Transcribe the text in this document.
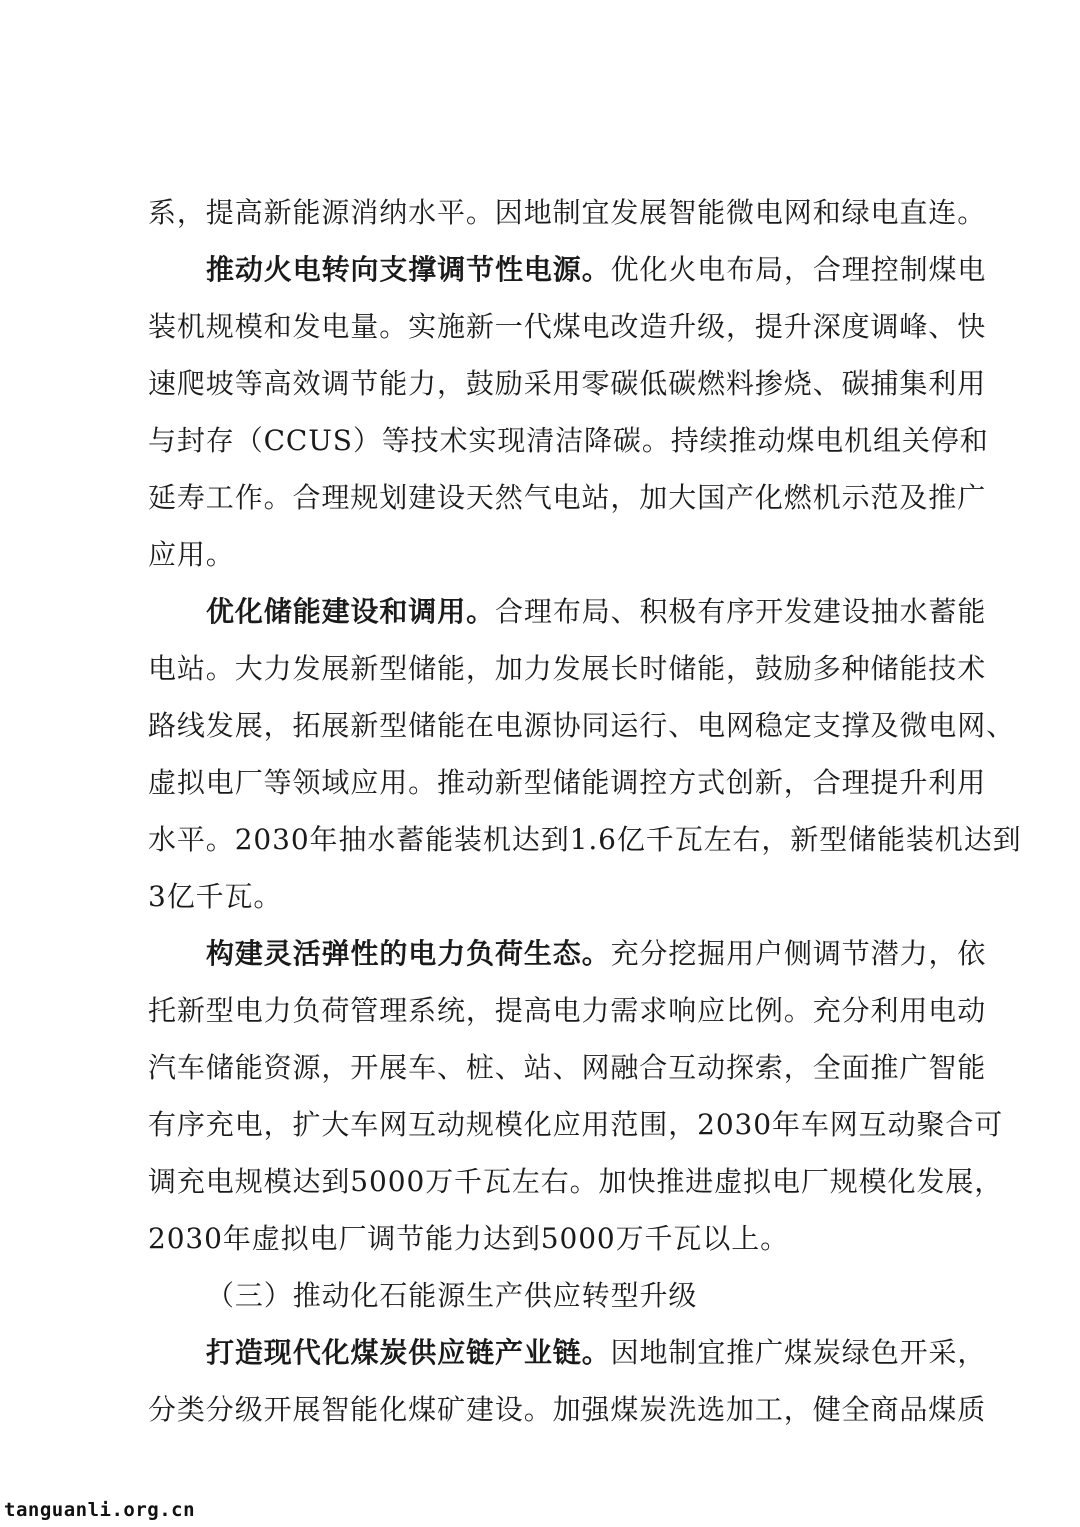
系，提高新能源消纳水平。因地制宜发展智能微电网和绿电直连。
推动火电转向支撑调节性电源。优化火电布局，合理控制煤电
装机规模和发电量。实施新一代煤电改造升级，提升深度调峰、快
速爬坡等高效调节能力，鼓励采用零碳低碳燃料掺烧、碳捕集利用
与封存（CCUS）等技术实现清洁降碳。持续推动煤电机组关停和
延寿工作。合理规划建设天然气电站，加大国产化燃机示范及推广
应用。
优化储能建设和调用。合理布局、积极有序开发建设抽水蓄能
电站。大力发展新型储能，加力发展长时储能，鼓励多种储能技术
路线发展，拓展新型储能在电源协同运行、电网稳定支撑及微电网、
虚拟电厂等领域应用。推动新型储能调控方式创新，合理提升利用
水平。2030年抽水蓄能装机达到1.6亿千瓦左右，新型储能装机达到
3亿千瓦。
构建灵活弹性的电力负荷生态。充分挖掘用户侧调节潜力，依
托新型电力负荷管理系统，提高电力需求响应比例。充分利用电动
汽车储能资源，开展车、桩、站、网融合互动探索，全面推广智能
有序充电，扩大车网互动规模化应用范围，2030年车网互动聚合可
调充电规模达到5000万千瓦左右。加快推进虚拟电厂规模化发展，
2030年虚拟电厂调节能力达到5000万千瓦以上。
（三）推动化石能源生产供应转型升级
打造现代化煤炭供应链产业链。因地制宜推广煤炭绿色开采，
分类分级开展智能化煤矿建设。加强煤炭洗选加工，健全商品煤质
tanguanli.org.cn
